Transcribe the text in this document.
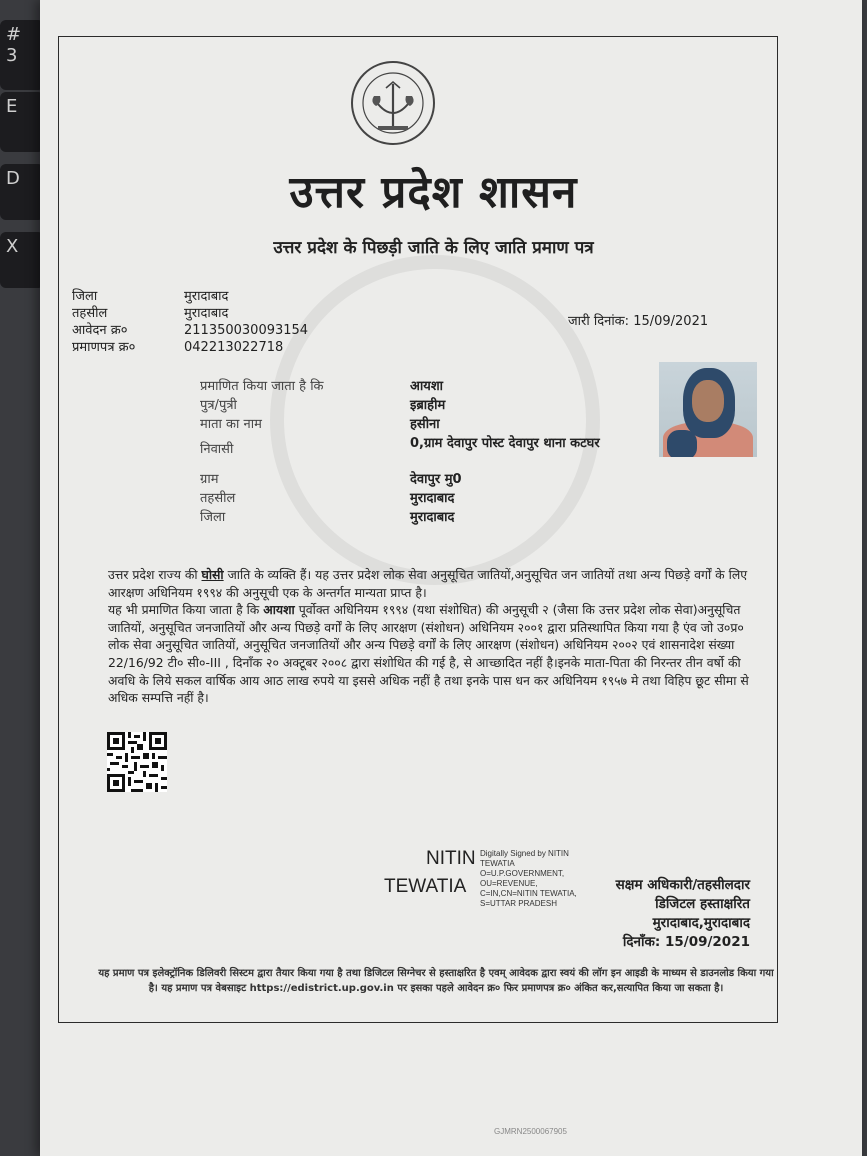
#
3
E
D
X
उत्तर प्रदेश शासन
उत्तर प्रदेश के पिछड़ी जाति के लिए जाति प्रमाण पत्र
जिला	मुरादाबाद
तहसील	मुरादाबाद
आवेदन क्र०	211350030093154
प्रमाणपत्र क्र०	042213022718
जारी दिनांक: 15/09/2021
प्रमाणित किया जाता है कि	आयशा
पुत्र/पुत्री	इब्राहीम
माता का नाम	हसीना
निवासी	0,ग्राम देवापुर पोस्ट देवापुर थाना कटघर
ग्राम	देवापुर मु0
तहसील	मुरादाबाद
जिला	मुरादाबाद

उत्तर प्रदेश राज्य की घोसी जाति के व्यक्ति हैं। यह उत्तर प्रदेश लोक सेवा अनुसूचित जातियों,अनुसूचित जन जातियों तथा अन्य पिछड़े वर्गों के लिए आरक्षण अधिनियम १९९४ की अनुसूची एक के अन्तर्गत मान्यता प्राप्त है।

यह भी प्रमाणित किया जाता है कि आयशा पूर्वोक्त अधिनियम १९९४ (यथा संशोधित) की अनुसूची २ (जैसा कि उत्तर प्रदेश लोक सेवा)अनुसूचित जातियों, अनुसूचित जनजातियों और अन्य पिछड़े वर्गों के लिए आरक्षण (संशोधन) अधिनियम २००१ द्वारा प्रतिस्थापित किया गया है एंव जो उ०प्र० लोक सेवा अनुसूचित जातियों, अनुसूचित जनजातियों और अन्य पिछड़े वर्गों के लिए आरक्षण (संशोधन) अधिनियम २००२ एवं शासनादेश संख्या 22/16/92 टी० सी०-III , दिनाँक २० अक्टूबर २००८ द्वारा संशोधित की गई है, से आच्छादित नहीं है।इनके माता-पिता की निरन्तर तीन वर्षो की अवधि के लिये सकल वार्षिक आय आठ लाख रुपये या इससे अधिक नहीं है तथा इनके पास धन कर अधिनियम १९५७ मे तथा विहिप छूट सीमा से अधिक सम्पत्ति नहीं है।

NITIN
TEWATIA
Digitally Signed by NITIN TEWATIA O=U.P.GOVERNMENT, OU=REVENUE, C=IN,CN=NITIN TEWATIA, S=UTTAR PRADESH
सक्षम अधिकारी/तहसीलदार
डिजिटल हस्ताक्षरित
मुरादाबाद,मुरादाबाद
दिनाँक: 15/09/2021
यह प्रमाण पत्र इलेक्ट्रॉनिक डिलिवरी सिस्टम द्वारा तैयार किया गया है तथा डिजिटल सिग्नेचर से हस्ताक्षरित है एवम् आवेदक द्वारा स्वयं की लॉग इन आइडी के माध्यम से डाउनलोड किया गया है। यह प्रमाण पत्र वेबसाइट https://edistrict.up.gov.in पर इसका पहले आवेदन क्र० फिर प्रमाणपत्र क्र० अंकित कर,सत्यापित किया जा सकता है।
GJMRN2500067905
